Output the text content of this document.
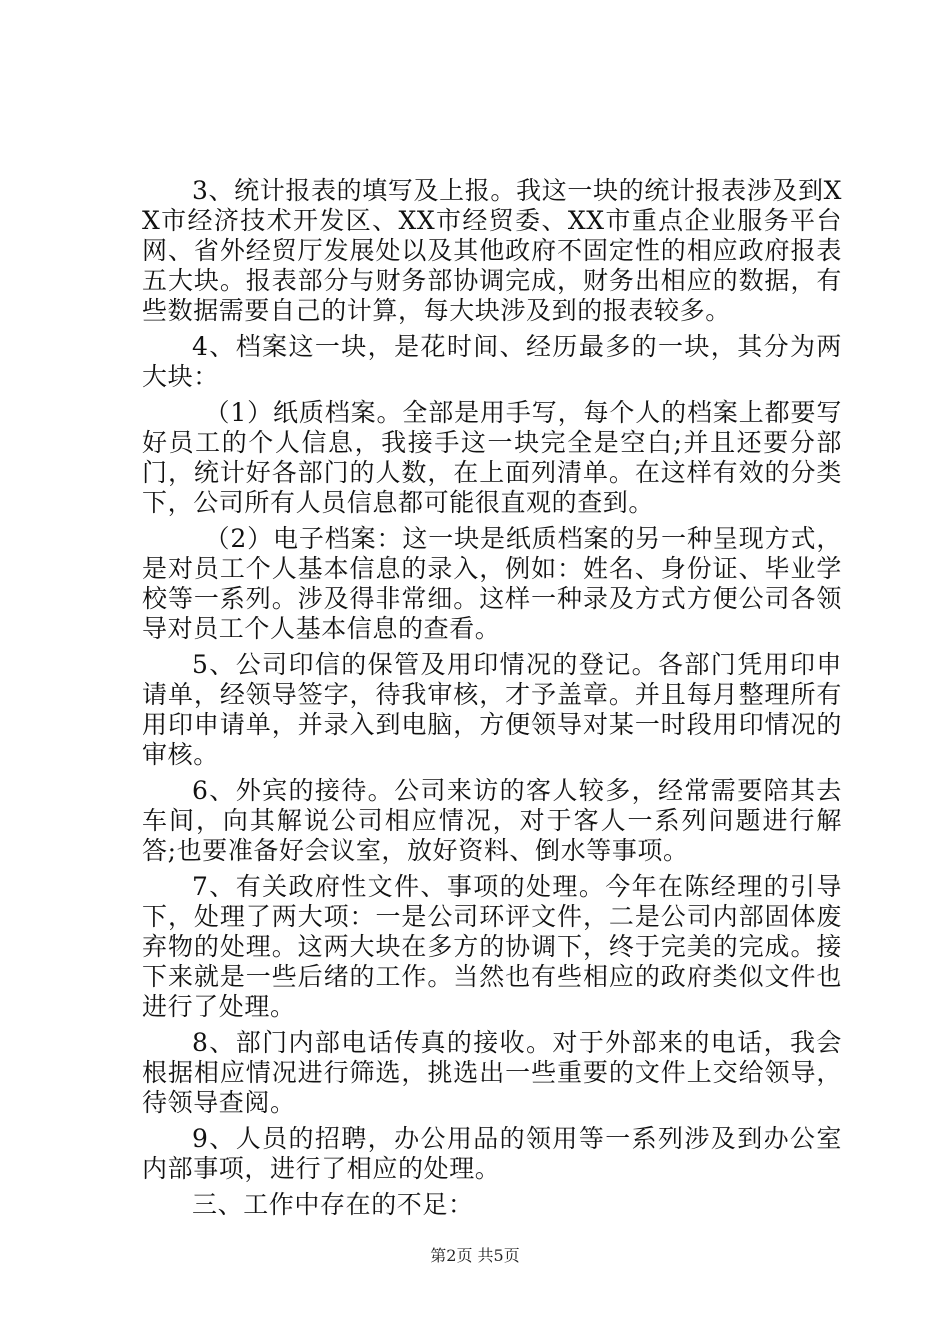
3、统计报表的填写及上报。我这一块的统计报表涉及到XX市经济技术开发区、XX市经贸委、XX市重点企业服务平台网、省外经贸厅发展处以及其他政府不固定性的相应政府报表五大块。报表部分与财务部协调完成，财务出相应的数据，有些数据需要自己的计算，每大块涉及到的报表较多。

4、档案这一块，是花时间、经历最多的一块，其分为两大块：

（1）纸质档案。全部是用手写，每个人的档案上都要写好员工的个人信息，我接手这一块完全是空白;并且还要分部门，统计好各部门的人数，在上面列清单。在这样有效的分类下，公司所有人员信息都可能很直观的查到。

（2）电子档案：这一块是纸质档案的另一种呈现方式，是对员工个人基本信息的录入，例如：姓名、身份证、毕业学校等一系列。涉及得非常细。这样一种录及方式方便公司各领导对员工个人基本信息的查看。

5、公司印信的保管及用印情况的登记。各部门凭用印申请单，经领导签字，待我审核，才予盖章。并且每月整理所有用印申请单，并录入到电脑，方便领导对某一时段用印情况的审核。

6、外宾的接待。公司来访的客人较多，经常需要陪其去车间，向其解说公司相应情况，对于客人一系列问题进行解答;也要准备好会议室，放好资料、倒水等事项。

7、有关政府性文件、事项的处理。今年在陈经理的引导下，处理了两大项：一是公司环评文件，二是公司内部固体废弃物的处理。这两大块在多方的协调下，终于完美的完成。接下来就是一些后绪的工作。当然也有些相应的政府类似文件也进行了处理。

8、部门内部电话传真的接收。对于外部来的电话，我会根据相应情况进行筛选，挑选出一些重要的文件上交给领导，待领导查阅。

9、人员的招聘，办公用品的领用等一系列涉及到办公室内部事项，进行了相应的处理。

三、工作中存在的不足：

第2页 共5页
